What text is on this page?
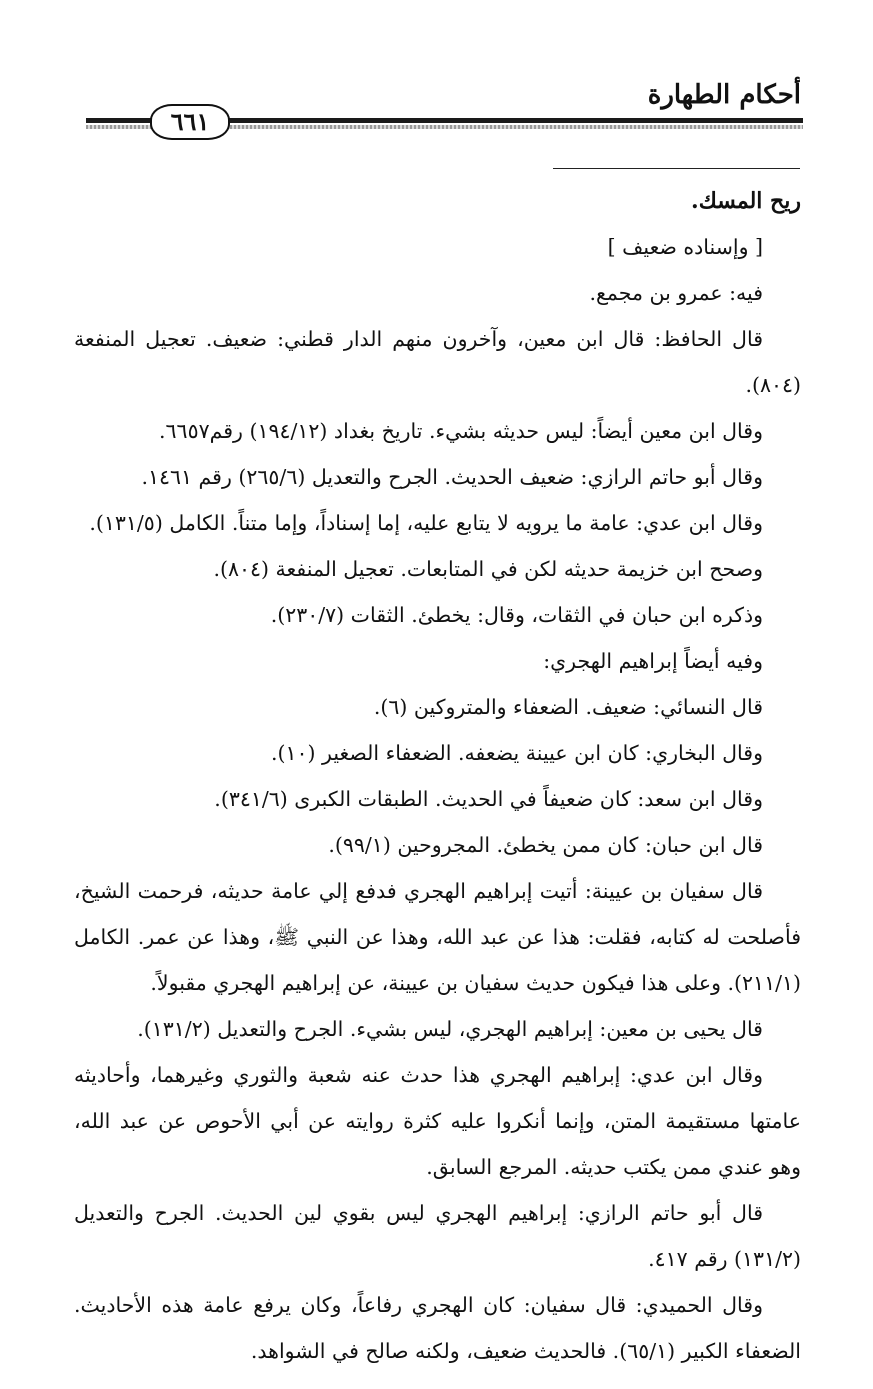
أحكام الطهارة
٦٦١

ريح المسك.

[ وإسناده ضعيف ]

فيه: عمرو بن مجمع.

قال الحافظ: قال ابن معين، وآخرون منهم الدار قطني: ضعيف. تعجيل المنفعة (٨٠٤).

وقال ابن معين أيضاً: ليس حديثه بشيء. تاريخ بغداد (١٩٤/١٢) رقم٦٦٥٧.

وقال أبو حاتم الرازي: ضعيف الحديث. الجرح والتعديل (٢٦٥/٦) رقم ١٤٦١.

وقال ابن عدي: عامة ما يرويه لا يتابع عليه، إما إسناداً، وإما متناً. الكامل (١٣١/٥).

وصحح ابن خزيمة حديثه لكن في المتابعات. تعجيل المنفعة (٨٠٤).

وذكره ابن حبان في الثقات، وقال: يخطئ. الثقات (٢٣٠/٧).

وفيه أيضاً إبراهيم الهجري:

قال النسائي: ضعيف. الضعفاء والمتروكين (٦).

وقال البخاري: كان ابن عيينة يضعفه. الضعفاء الصغير (١٠).

وقال ابن سعد: كان ضعيفاً في الحديث. الطبقات الكبرى (٣٤١/٦).

قال ابن حبان: كان ممن يخطئ. المجروحين (٩٩/١).

قال سفيان بن عيينة: أتيت إبراهيم الهجري فدفع إلي عامة حديثه، فرحمت الشيخ، فأصلحت له كتابه، فقلت: هذا عن عبد الله، وهذا عن النبي ﷺ، وهذا عن عمر. الكامل (٢١١/١). وعلى هذا فيكون حديث سفيان بن عيينة، عن إبراهيم الهجري مقبولاً.

قال يحيى بن معين: إبراهيم الهجري، ليس بشيء. الجرح والتعديل (١٣١/٢).

وقال ابن عدي: إبراهيم الهجري هذا حدث عنه شعبة والثوري وغيرهما، وأحاديثه عامتها مستقيمة المتن، وإنما أنكروا عليه كثرة روايته عن أبي الأحوص عن عبد الله، وهو عندي ممن يكتب حديثه. المرجع السابق.

قال أبو حاتم الرازي: إبراهيم الهجري ليس بقوي لين الحديث. الجرح والتعديل (١٣١/٢) رقم ٤١٧.

وقال الحميدي: قال سفيان: كان الهجري رفاعاً، وكان يرفع عامة هذه الأحاديث. الضعفاء الكبير (٦٥/١). فالحديث ضعيف، ولكنه صالح في الشواهد.
